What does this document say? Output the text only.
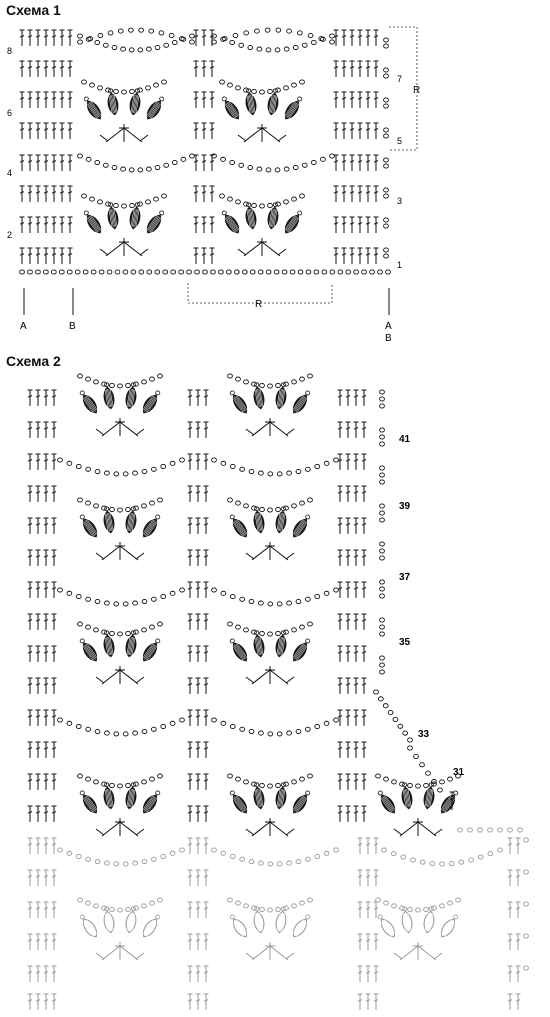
Схема 1
Схема 2
8
6
4
2
7
5
3
1
R
R
A	B	A
B
41
39
37
35
33
31
